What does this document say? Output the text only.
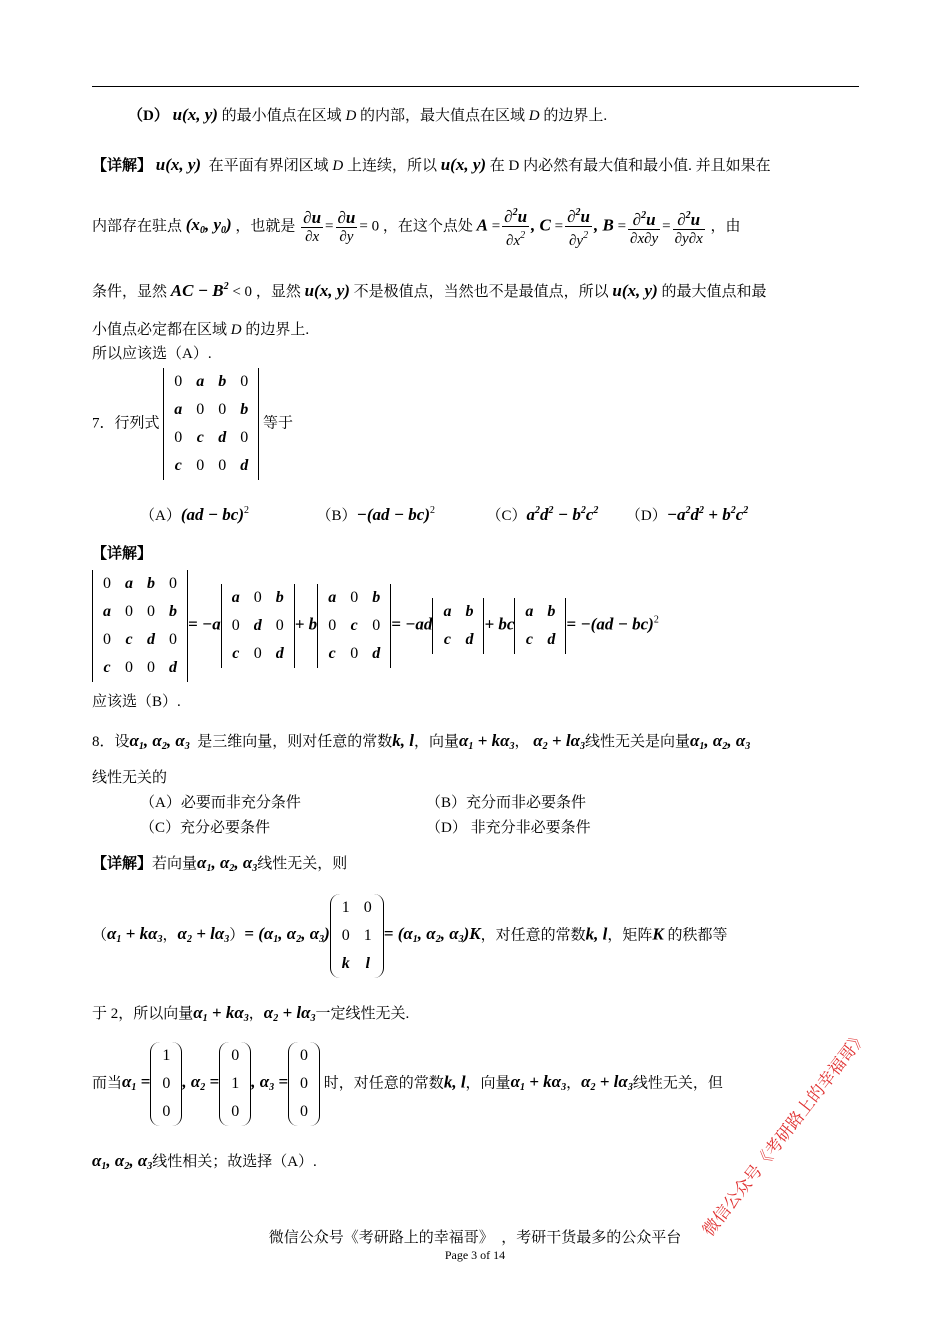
（D） u(x, y) 的最小值点在区域 D 的内部，最大值点在区域 D 的边界上.
【详解】 u(x, y) 在平面有界闭区域 D 上连续，所以 u(x, y) 在 D 内必然有最大值和最小值. 并且如果在
内部存在驻点 ($x_0$, $y_0$) ，也就是 $\frac{\partial u}{\partial x} = \frac{\partial u}{\partial y} = 0$ ，在这个点处 $A = \frac{\partial^2u}{\partial x^2}$ , $C = \frac{\partial^2u}{\partial y^2}$ , $B = \frac{\partial^2u}{\partial x\partial y} = \frac{\partial^2u}{\partial y\partial x}$ ，由
条件，显然 AC − $B^2 < 0$ ，显然 u(x, y) 不是极值点，当然也不是最值点，所以 u(x, y) 的最大值点和最
小值点必定都在区域 D 的边界上.
所以应该选（A）.
7．行列式
0	a	b	0
a	0	0	b
0	c	d	0
c	0	0	d
等于
（A）(ad − bc)$^2$	（B）−(ad − bc)$^2$	$(C)a^2d^2 - b^2c^2$ $(D)-a^2d^2 + b^2c^2$
【详解】
0	a	b	0
a	0	0	b
0	c	d	0
c	0	0	d
= −a
a	0	b
0	d	0
c	0	d
+ b
a	0	b
0	c	0
c	0	d
= −ad
a	b
c	d
+ bc
a	b
c	d
= −(ad − bc)$^2$
应该选（B）.
8．设$\alpha_1$, $\alpha_2$, $\alpha_3$ 是三维向量，则对任意的常数k, l，向量$\alpha_1 + k\alpha_3$， $\alpha_2 + l\alpha_3$线性无关是向量$\alpha_1$, $\alpha_2$, $\alpha_3$
线性无关的
（A）必要而非充分条件	（B）充分而非必要条件
（C）充分必要条件	（D） 非充分非必要条件
【详解】若向量$\alpha_1$, $\alpha_2$, $\alpha_3$线性无关，则
（$\alpha_1 + k\alpha_3$，$\alpha_2 + l\alpha_3)= (\alpha_1$, $\alpha_2$, $\alpha_3$)
1	0
0	1
k	l
= ($\alpha_1$, $\alpha_2$, $\alpha_3)K$，对任意的常数k, l，矩阵K 的秩都等
于 2，所以向量$\alpha_1 + k\alpha_3$，$\alpha_2 + l\alpha_3$一定线性无关.
而当$\alpha_1$ =
1
0
0
, $\alpha_2$ =
0
1
0
, $\alpha_3$ =
0
0
0
时，对任意的常数k, l，向量$\alpha_1 + k\alpha_3$，$\alpha_2 + l\alpha_3$线性无关，但
$\alpha_1$, $\alpha_2$, $\alpha_3$线性相关；故选择（A）.	微信公众号《考研路上的幸福哥》
微信公众号《考研路上的幸福哥》　，考研干货最多的公众平台
Page 3 of 14
